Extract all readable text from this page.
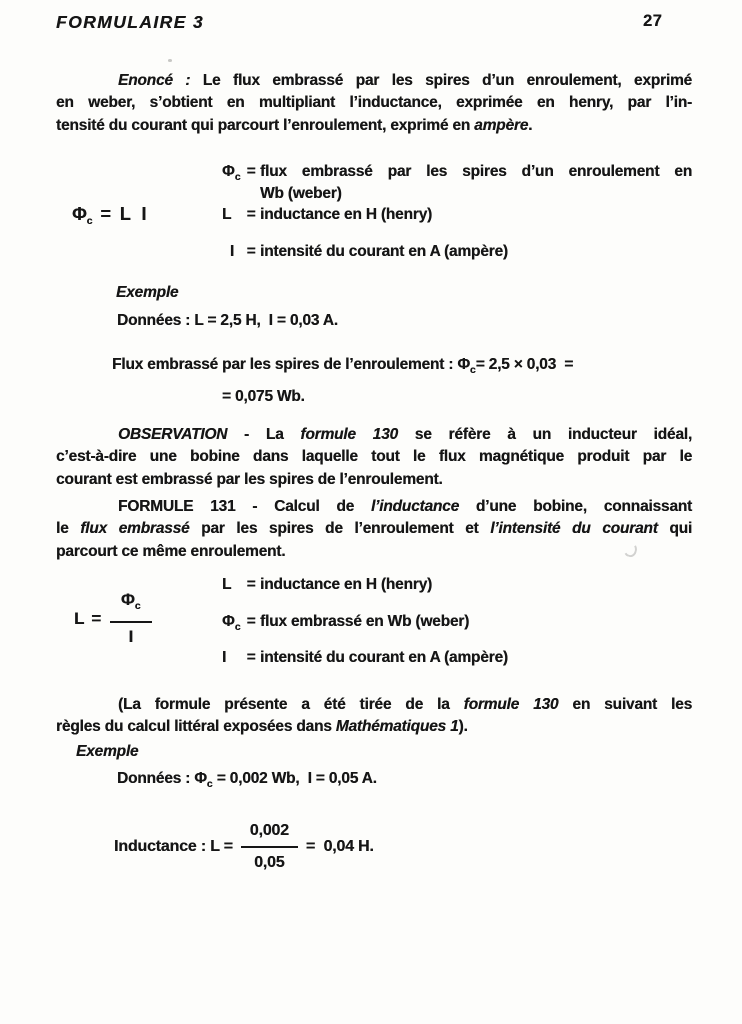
FORMULAIRE 3	27
Enoncé : Le flux embrassé par les spires d’un enroulement, exprimé
en weber, s’obtient en multipliant l’inductance, exprimée en henry, par l’in-
tensité du courant qui parcourt l’enroulement, exprimé en ampère.
$\Phi_c = L$ I
$\Phi_c$ = flux embrassé par les spires d’un enroulement en
Wb (weber)
L = inductance en H (henry)
I = intensité du courant en A (ampère)
Exemple
Données : L = 2,5 H,  I = 0,03 A.
Flux embrassé par les spires de l’enroulement : $\Phi_c= 2,5 \times 0,03$  =
= 0,075 Wb.
OBSERVATION - La formule 130 se réfère à un inducteur idéal,
c’est-à-dire une bobine dans laquelle tout le flux magnétique produit par le
courant est embrassé par les spires de l’enroulement.
FORMULE 131 - Calcul de l’inductance d’une bobine, connaissant
le flux embrassé par les spires de l’enroulement et l’intensité du courant qui
parcourt ce même enroulement.
$L = \frac{\Phi_c}{I}$
L = inductance en H (henry)
$\Phi_c$ = flux embrassé en Wb (weber)
I	= intensité du courant en A (ampère)
(La formule présente a été tirée de la formule 130 en suivant les
règles du calcul littéral exposées dans Mathématiques 1).
Exemple
Données : $\Phi_c = 0,002$ Wb,  I = 0,05 A.
Inductance : $L = \frac{0,002}{0,05} = 0,04$ H.
